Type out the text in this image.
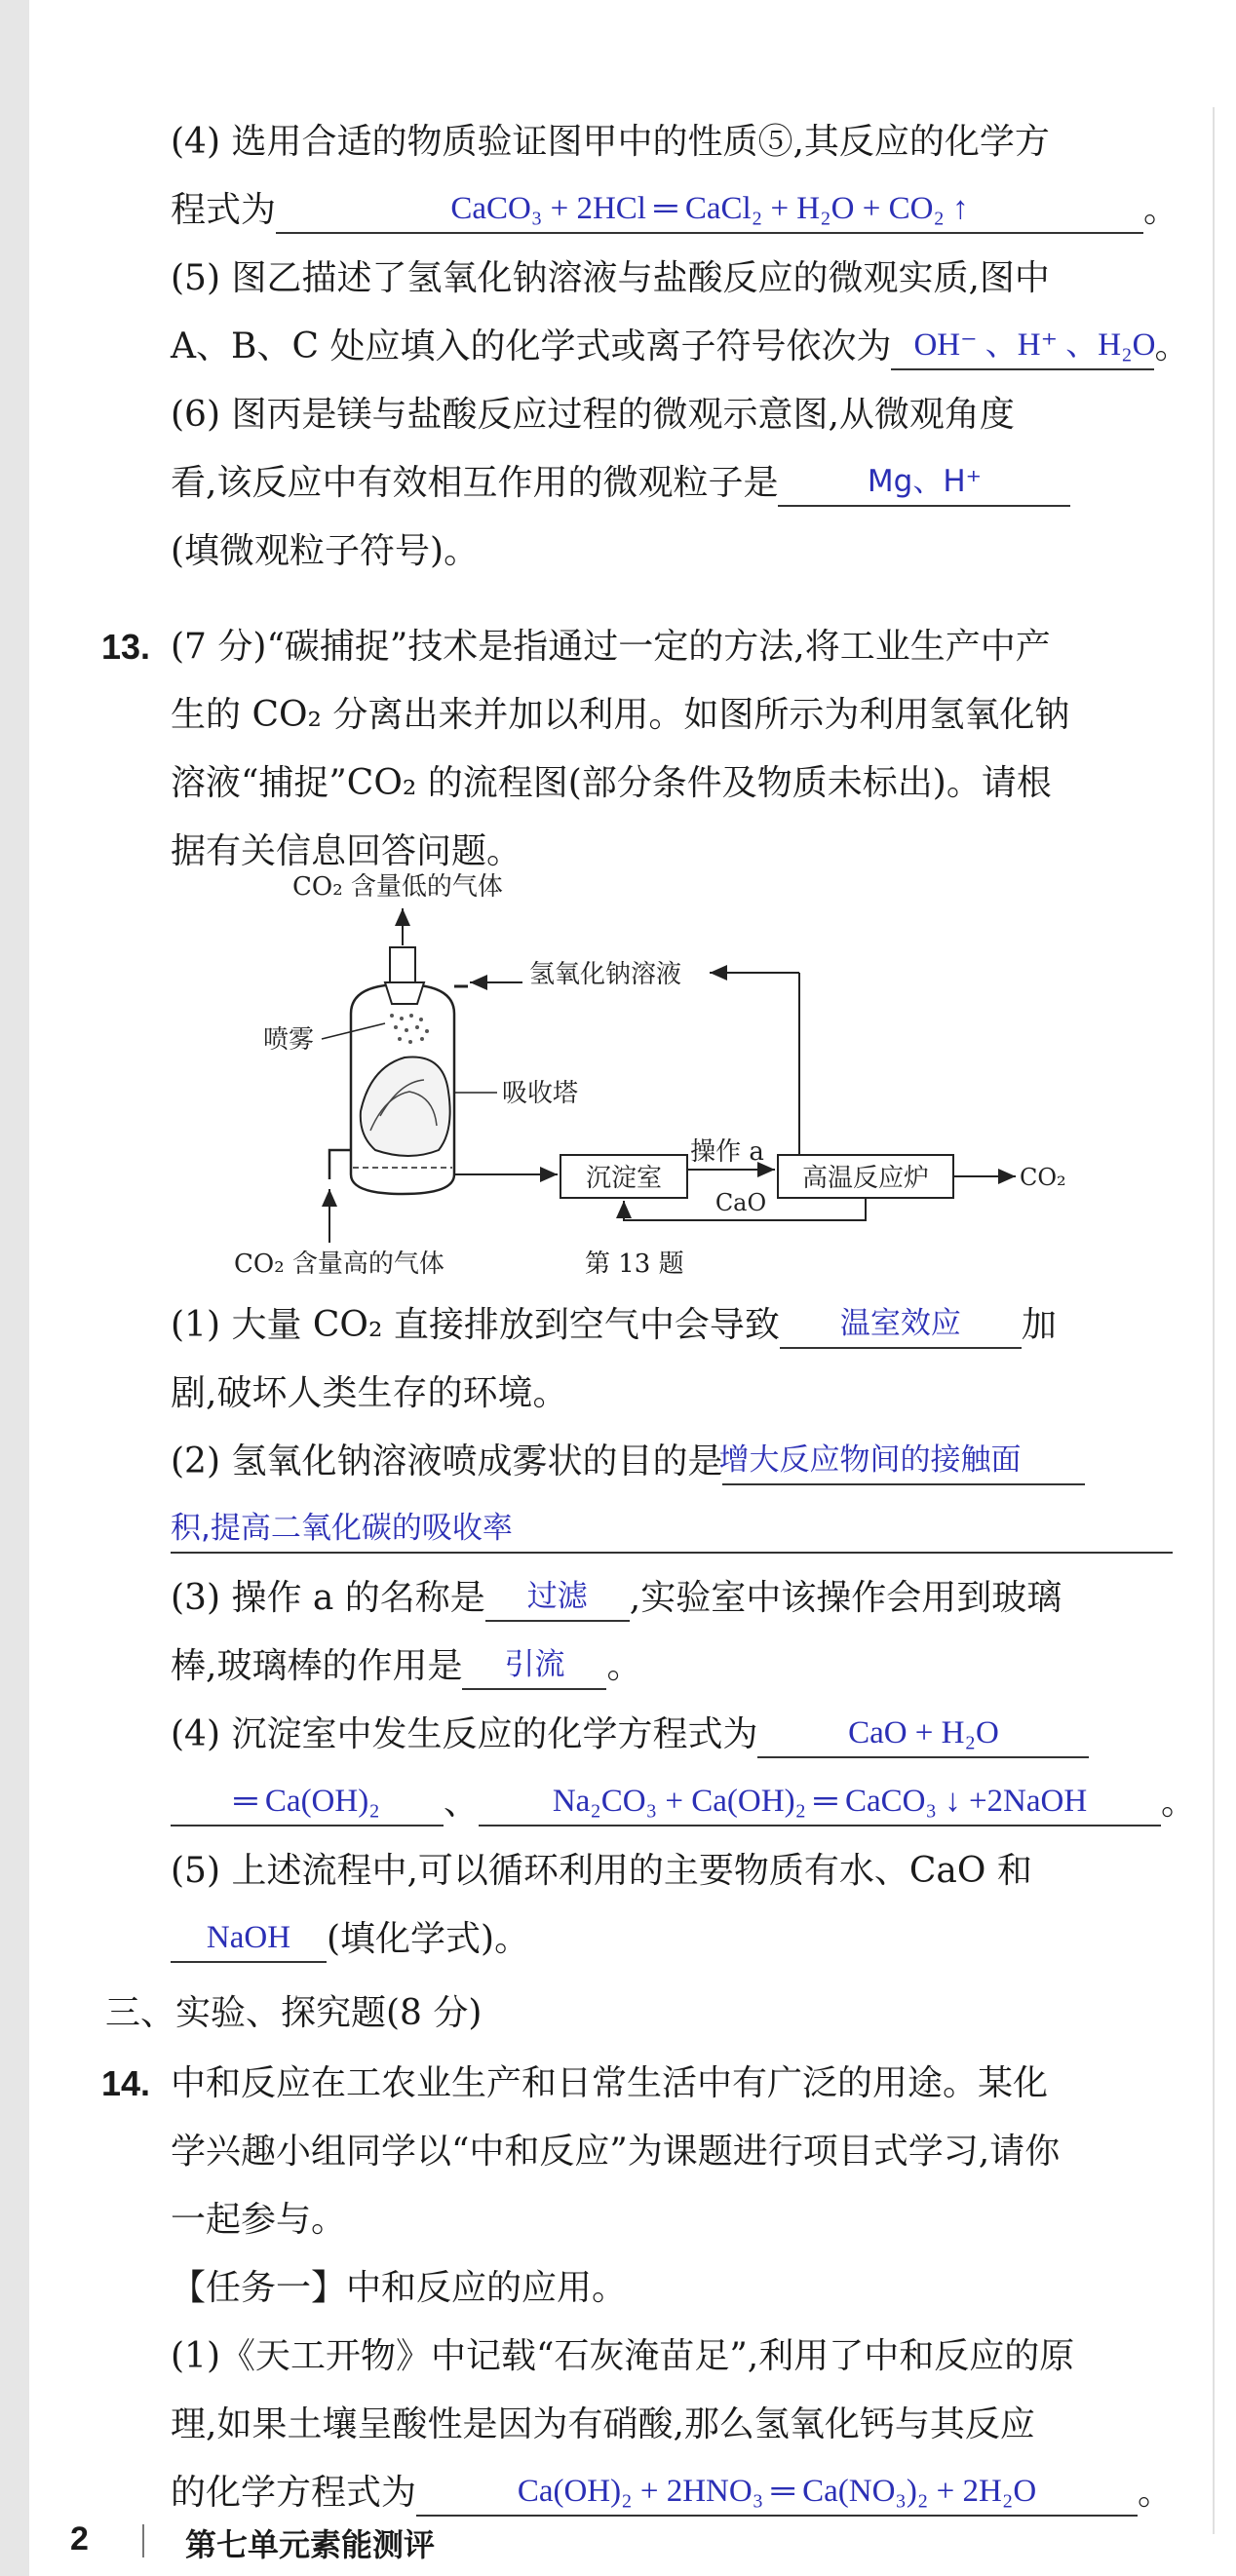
(4) 选用合适的物质验证图甲中的性质⑤,其反应的化学方
程式为	CaCO₃ + 2HCl ═ CaCl₂ + H₂O + CO₂ ↑	。
(5) 图乙描述了氢氧化钠溶液与盐酸反应的微观实质,图中
A、B、C 处应填入的化学式或离子符号依次为 OH⁻ 、H⁺ 、H₂O 。
(6) 图丙是镁与盐酸反应过程的微观示意图,从微观角度
看,该反应中有效相互作用的微观粒子是	Mg、H⁺
(填微观粒子符号)。
13. (7 分)“碳捕捉”技术是指通过一定的方法,将工业生产中产
生的 CO₂ 分离出来并加以利用。如图所示为利用氢氧化钠
溶液“捕捉”CO₂ 的流程图(部分条件及物质未标出)。请根
据有关信息回答问题。
CO₂ 含量低的气体
CO₂ 含量高的气体
喷雾
吸收塔
氢氧化钠溶液
沉淀室
操作 a
高温反应炉	CO₂
CaO
第 13 题
(1) 大量 CO₂ 直接排放到空气中会导致	温室效应	加
剧,破坏人类生存的环境。
(2) 氢氧化钠溶液喷成雾状的目的是
增大反应物间的接触面
积,提高二氧化碳的吸收率
(3) 操作 a 的名称是	过滤	,实验室中该操作会用到玻璃
棒,玻璃棒的作用是	引流	。
(4) 沉淀室中发生反应的化学方程式为	CaO + H₂O
═ Ca(OH)₂	、	Na₂CO₃ + Ca(OH)₂ ═ CaCO₃ ↓ +2NaOH	。
(5) 上述流程中,可以循环利用的主要物质有水、CaO 和
NaOH	(填化学式)。
三、实验、探究题(8 分)
14. 中和反应在工农业生产和日常生活中有广泛的用途。某化
学兴趣小组同学以“中和反应”为课题进行项目式学习,请你
一起参与。
【任务一】中和反应的应用。
(1)《天工开物》中记载“石灰淹苗足”,利用了中和反应的原
理,如果土壤呈酸性是因为有硝酸,那么氢氧化钙与其反应
的化学方程式为	Ca(OH)₂ + 2HNO₃ ═ Ca(NO₃)₂ + 2H₂O	。
2	第七单元素能测评
